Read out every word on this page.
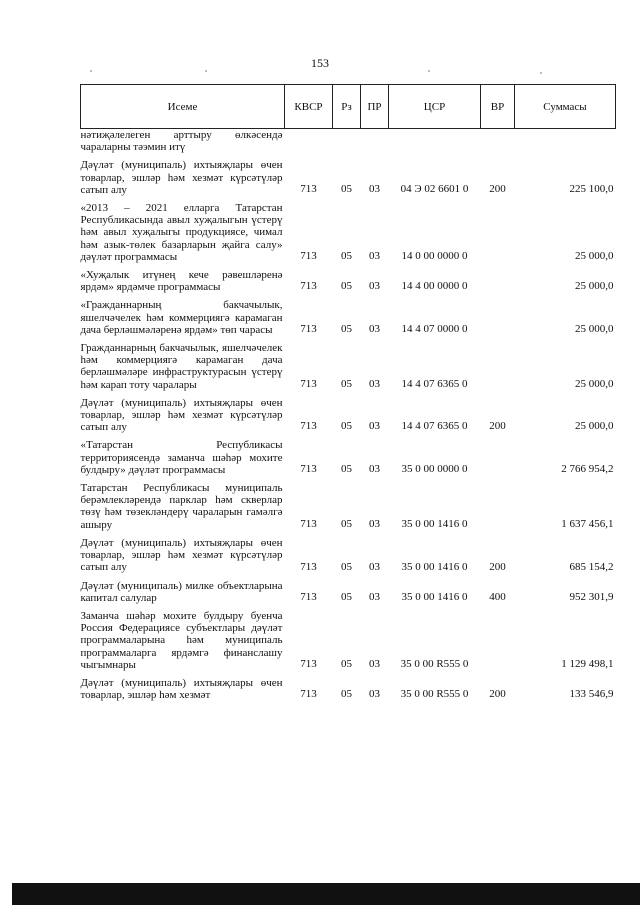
153
Исеме	КВСР	Рз	ПР	ЦСР	ВР	Суммасы
нәтиҗәлелеген арттыру өлкәсендә чараларны тәэмин итү						
Дәүләт (муниципаль) ихтыяҗлары өчен товарлар, эшләр һәм хезмәт күрсәтүләр сатып алу	713	05	03	04 Э 02 6601 0	200	225 100,0
«2013 – 2021 елларга Татарстан Республикасында авыл хуҗалыгын үстерү һәм авыл хуҗалыгы продукциясе, чимал һәм азык-төлек базарларын җайга салу» дәүләт программасы	713	05	03	14 0 00 0000 0		25 000,0
«Хуҗалык итүнең кече рәвешләренә ярдәм» ярдәмче программасы	713	05	03	14 4 00 0000 0		25 000,0
«Гражданнарның бакчачылык, яшелчәчелек һәм коммерциягә карамаган дача берләшмәләренә ярдәм» төп чарасы	713	05	03	14 4 07 0000 0		25 000,0
Гражданнарның бакчачылык, яшелчәчелек һәм коммерциягә карамаган дача берләшмәләре инфраструктурасын үстерү һәм карап тоту чаралары	713	05	03	14 4 07 6365 0		25 000,0
Дәүләт (муниципаль) ихтыяҗлары өчен товарлар, эшләр һәм хезмәт күрсәтүләр сатып алу	713	05	03	14 4 07 6365 0	200	25 000,0
«Татарстан Республикасы территориясендә заманча шәһәр мохите булдыру» дәүләт программасы	713	05	03	35 0 00 0000 0		2 766 954,2
Татарстан Республикасы муниципаль берәмлекләрендә парклар һәм скверлар төзү һәм төзекләндерү чараларын гамәлгә ашыру	713	05	03	35 0 00 1416 0		1 637 456,1
Дәүләт (муниципаль) ихтыяҗлары өчен товарлар, эшләр һәм хезмәт күрсәтүләр сатып алу	713	05	03	35 0 00 1416 0	200	685 154,2
Дәүләт (муниципаль) милке объектларына капитал салулар	713	05	03	35 0 00 1416 0	400	952 301,9
Заманча шәһәр мохите булдыру буенча Россия Федерациясе субъектлары дәүләт программаларына һәм муниципаль программаларга ярдәмгә финанслашу чыгымнары	713	05	03	35 0 00 R555 0		1 129 498,1
Дәүләт (муниципаль) ихтыяҗлары өчен товарлар, эшләр һәм хезмәт	713	05	03	35 0 00 R555 0	200	133 546,9
